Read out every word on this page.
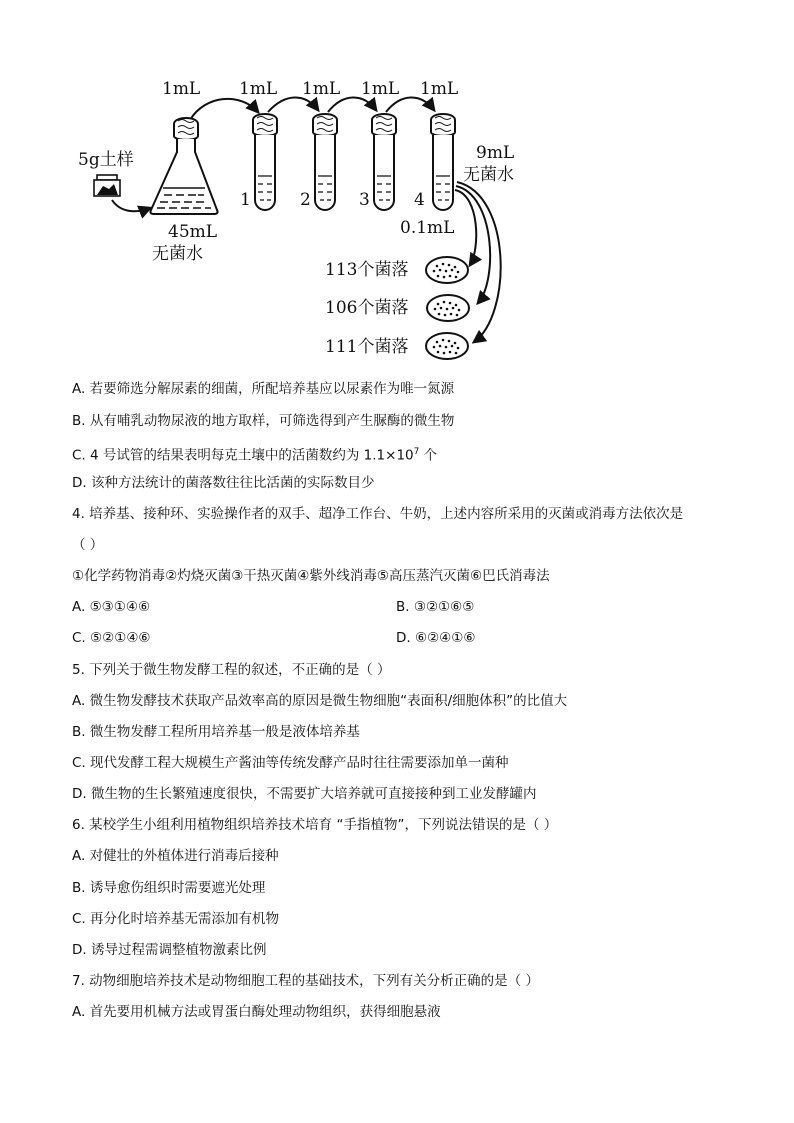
1mL 1mL 1mL 1mL 1mL
5g土样
45mL
无菌水
1	2	3	4
9mL
无菌水
0.1mL
113个菌落
106个菌落
111个菌落
A. 若要筛选分解尿素的细菌，所配培养基应以尿素作为唯一氮源
B. 从有哺乳动物尿液的地方取样，可筛选得到产生脲酶的微生物
C. 4 号试管的结果表明每克土壤中的活菌数约为 $1.1\times 10^7$ 个
D. 该种方法统计的菌落数往往比活菌的实际数目少
4. 培养基、接种环、实验操作者的双手、超净工作台、牛奶，上述内容所采用的灭菌或消毒方法依次是
（ ）
①化学药物消毒②灼烧灭菌③干热灭菌④紫外线消毒⑤高压蒸汽灭菌⑥巴氏消毒法
A. ⑤③①④⑥	B. ③②①⑥⑤
C. ⑤②①④⑥	D. ⑥②④①⑥
5. 下列关于微生物发酵工程的叙述，不正确的是（ ）
A. 微生物发酵技术获取产品效率高的原因是微生物细胞“表面积/细胞体积”的比值大
B. 微生物发酵工程所用培养基一般是液体培养基
C. 现代发酵工程大规模生产酱油等传统发酵产品时往往需要添加单一菌种
D. 微生物的生长繁殖速度很快，不需要扩大培养就可直接接种到工业发酵罐内
6. 某校学生小组利用植物组织培养技术培育 “手指植物”，下列说法错误的是（ ）
A. 对健壮的外植体进行消毒后接种
B. 诱导愈伤组织时需要遮光处理
C. 再分化时培养基无需添加有机物
D. 诱导过程需调整植物激素比例
7. 动物细胞培养技术是动物细胞工程的基础技术，下列有关分析正确的是（ ）
A. 首先要用机械方法或胃蛋白酶处理动物组织，获得细胞悬液
